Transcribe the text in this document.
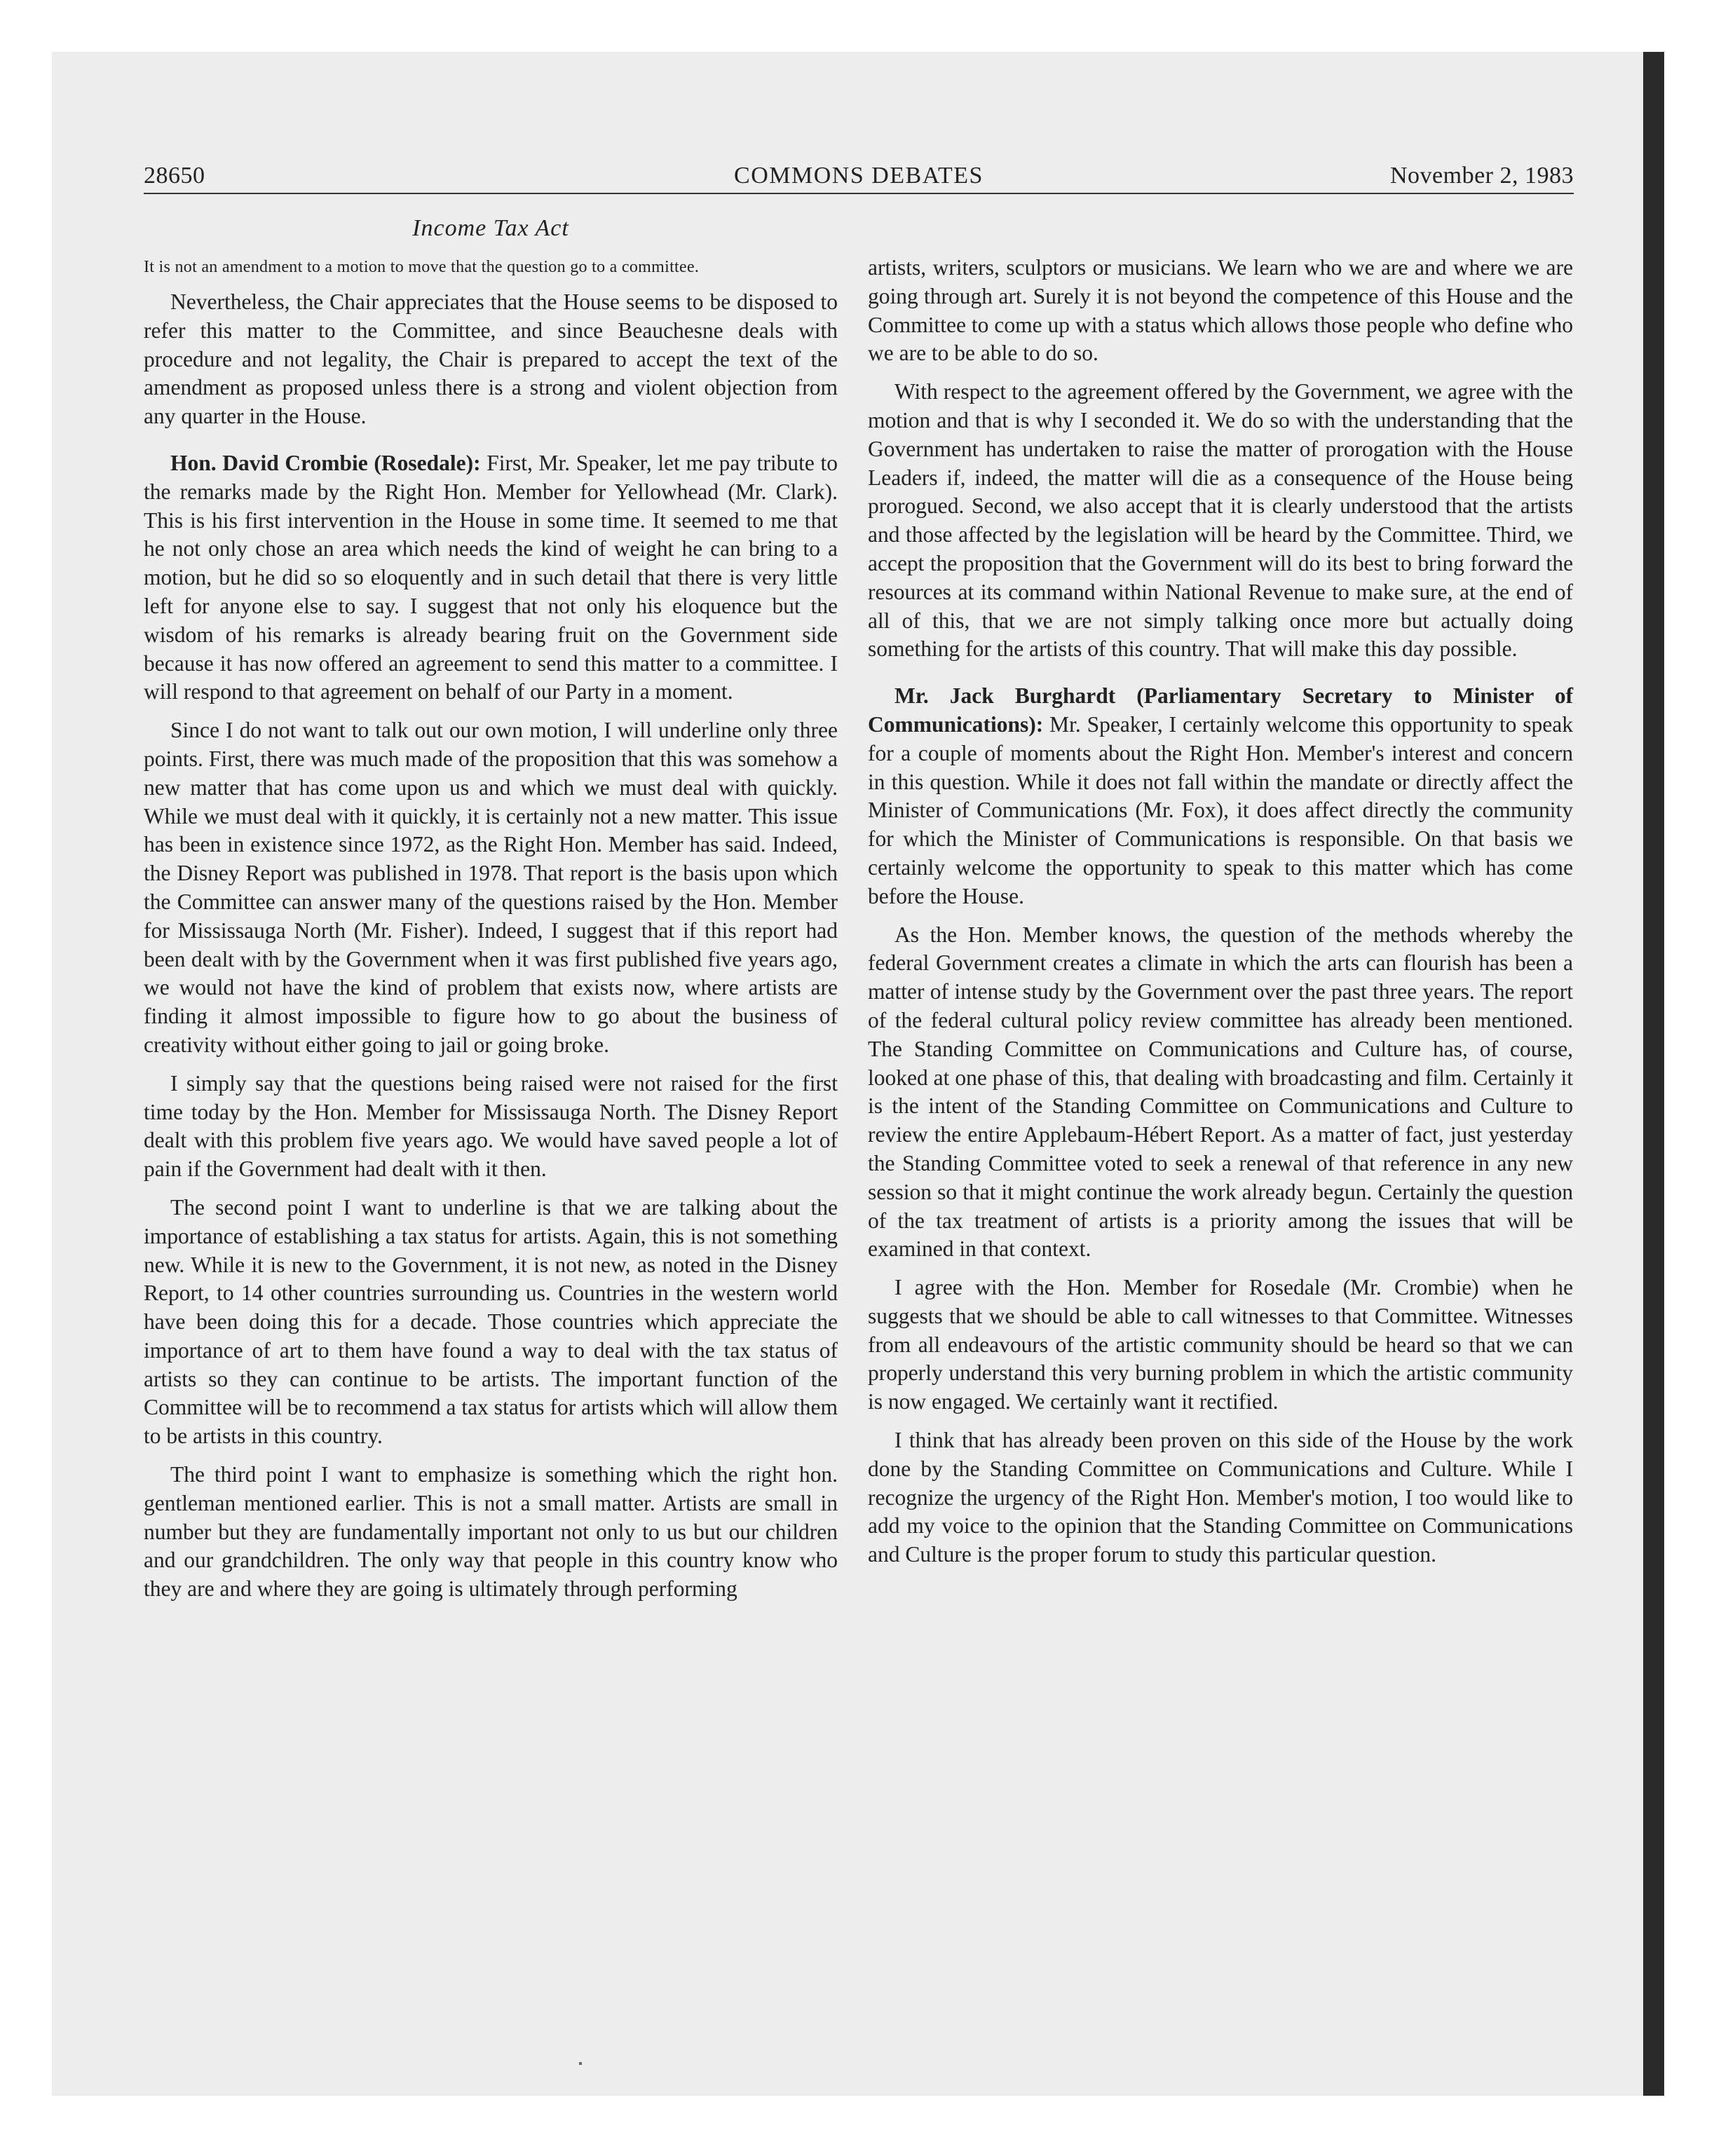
28650	COMMONS DEBATES	November 2, 1983
Income Tax Act

It is not an amendment to a motion to move that the question go to a committee.

Nevertheless, the Chair appreciates that the House seems to be disposed to refer this matter to the Committee, and since Beauchesne deals with procedure and not legality, the Chair is prepared to accept the text of the amendment as proposed unless there is a strong and violent objection from any quarter in the House.

Hon. David Crombie (Rosedale): First, Mr. Speaker, let me pay tribute to the remarks made by the Right Hon. Member for Yellowhead (Mr. Clark). This is his first intervention in the House in some time. It seemed to me that he not only chose an area which needs the kind of weight he can bring to a motion, but he did so so eloquently and in such detail that there is very little left for anyone else to say. I suggest that not only his eloquence but the wisdom of his remarks is already bearing fruit on the Government side because it has now offered an agreement to send this matter to a committee. I will respond to that agreement on behalf of our Party in a moment.

Since I do not want to talk out our own motion, I will underline only three points. First, there was much made of the proposition that this was somehow a new matter that has come upon us and which we must deal with quickly. While we must deal with it quickly, it is certainly not a new matter. This issue has been in existence since 1972, as the Right Hon. Member has said. Indeed, the Disney Report was published in 1978. That report is the basis upon which the Committee can answer many of the questions raised by the Hon. Member for Mississauga North (Mr. Fisher). Indeed, I suggest that if this report had been dealt with by the Government when it was first published five years ago, we would not have the kind of problem that exists now, where artists are finding it almost impossible to figure how to go about the business of creativity without either going to jail or going broke.

I simply say that the questions being raised were not raised for the first time today by the Hon. Member for Mississauga North. The Disney Report dealt with this problem five years ago. We would have saved people a lot of pain if the Government had dealt with it then.

The second point I want to underline is that we are talking about the importance of establishing a tax status for artists. Again, this is not something new. While it is new to the Government, it is not new, as noted in the Disney Report, to 14 other countries surrounding us. Countries in the western world have been doing this for a decade. Those countries which appreciate the importance of art to them have found a way to deal with the tax status of artists so they can continue to be artists. The important function of the Committee will be to recommend a tax status for artists which will allow them to be artists in this country.

The third point I want to emphasize is something which the right hon. gentleman mentioned earlier. This is not a small matter. Artists are small in number but they are fundamentally important not only to us but our children and our grandchildren. The only way that people in this country know who they are and where they are going is ultimately through performing

artists, writers, sculptors or musicians. We learn who we are and where we are going through art. Surely it is not beyond the competence of this House and the Committee to come up with a status which allows those people who define who we are to be able to do so.

With respect to the agreement offered by the Government, we agree with the motion and that is why I seconded it. We do so with the understanding that the Government has undertaken to raise the matter of prorogation with the House Leaders if, indeed, the matter will die as a consequence of the House being prorogued. Second, we also accept that it is clearly understood that the artists and those affected by the legislation will be heard by the Committee. Third, we accept the proposition that the Government will do its best to bring forward the resources at its command within National Revenue to make sure, at the end of all of this, that we are not simply talking once more but actually doing something for the artists of this country. That will make this day possible.

Mr. Jack Burghardt (Parliamentary Secretary to Minister of Communications): Mr. Speaker, I certainly welcome this opportunity to speak for a couple of moments about the Right Hon. Member's interest and concern in this question. While it does not fall within the mandate or directly affect the Minister of Communications (Mr. Fox), it does affect directly the community for which the Minister of Communications is responsible. On that basis we certainly welcome the opportunity to speak to this matter which has come before the House.

As the Hon. Member knows, the question of the methods whereby the federal Government creates a climate in which the arts can flourish has been a matter of intense study by the Government over the past three years. The report of the federal cultural policy review committee has already been mentioned. The Standing Committee on Communications and Culture has, of course, looked at one phase of this, that dealing with broadcasting and film. Certainly it is the intent of the Standing Committee on Communications and Culture to review the entire Applebaum-Hébert Report. As a matter of fact, just yesterday the Standing Committee voted to seek a renewal of that reference in any new session so that it might continue the work already begun. Certainly the question of the tax treatment of artists is a priority among the issues that will be examined in that context.

I agree with the Hon. Member for Rosedale (Mr. Crombie) when he suggests that we should be able to call witnesses to that Committee. Witnesses from all endeavours of the artistic community should be heard so that we can properly understand this very burning problem in which the artistic community is now engaged. We certainly want it rectified.

I think that has already been proven on this side of the House by the work done by the Standing Committee on Communications and Culture. While I recognize the urgency of the Right Hon. Member's motion, I too would like to add my voice to the opinion that the Standing Committee on Communications and Culture is the proper forum to study this particular question.
